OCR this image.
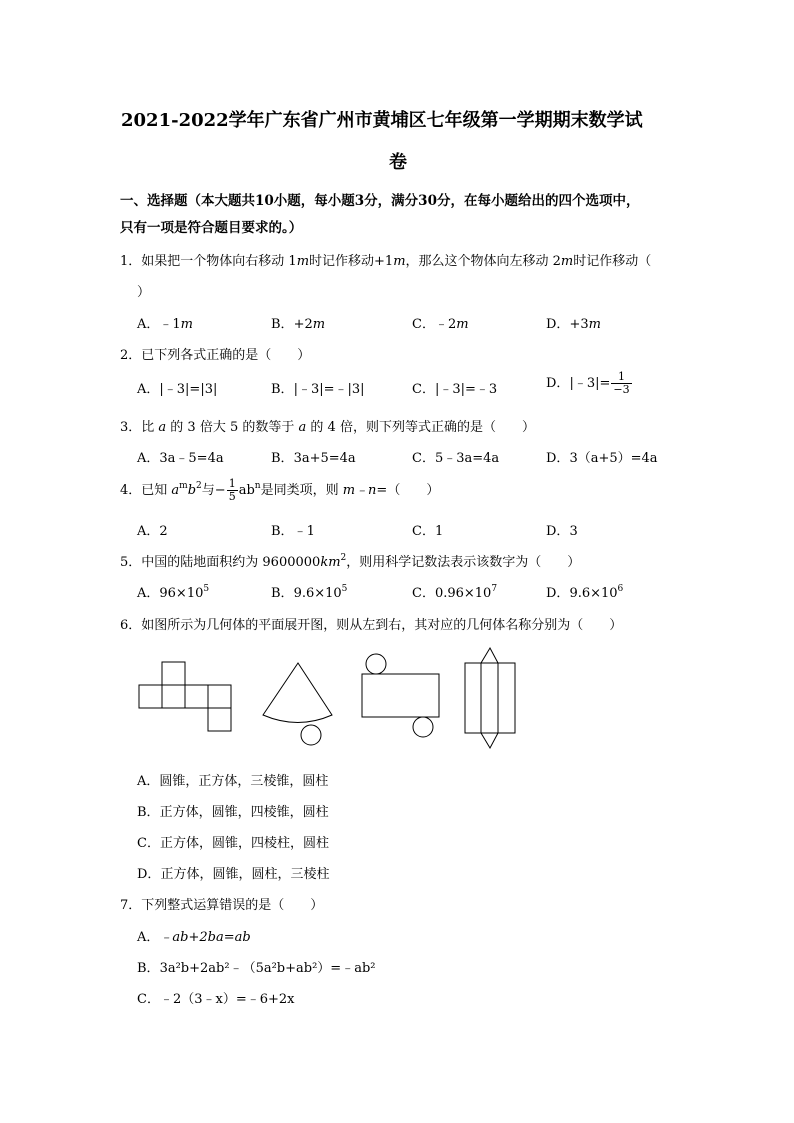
2021-2022学年广东省广州市黄埔区七年级第一学期期末数学试
卷
一、选择题（本大题共10小题，每小题3分，满分30分，在每小题给出的四个选项中，
只有一项是符合题目要求的。）
1．如果把一个物体向右移动 1m时记作移动+1m，那么这个物体向左移动 2m时记作移动（
）
A．﹣1m	B．+2m	C．﹣2m	D．+3m
2．已下列各式正确的是（　　）
A．|﹣3|=|3|	B．|﹣3|=﹣|3|	C．|﹣3|=﹣3	D．|﹣3|= $\frac{1}{-3}$
3．比 a 的 3 倍大 5 的数等于 a 的 4 倍，则下列等式正确的是（　　）
A．3a﹣5=4a	B．3a+5=4a	C．5﹣3a=4a	D．3（a+5）=4a
4．已知 $a^mb^2$与− $\frac{1}{5} ab^n$是同类项，则 m﹣n=（　　）
A．2	B．﹣1	C．1	D．3
5．中国的陆地面积约为 $9600000km^2$，则用科学记数法表示该数字为（　　）
A．$96\times 10^5$	B．$9.6\times 10^5$	C．$0.96\times 10^7$	D．$9.6\times 10^6$
6．如图所示为几何体的平面展开图，则从左到右，其对应的几何体名称分别为（　　）
A．圆锥，正方体，三棱锥，圆柱
B．正方体，圆锥，四棱锥，圆柱
C．正方体，圆锥，四棱柱，圆柱
D．正方体，圆锥，圆柱，三棱柱
7．下列整式运算错误的是（　　）
A．﹣ab+2ba=ab
B．3a²b+2ab²﹣（5a²b+ab²）=﹣ab²
C．﹣2（3﹣x）=﹣6+2x
